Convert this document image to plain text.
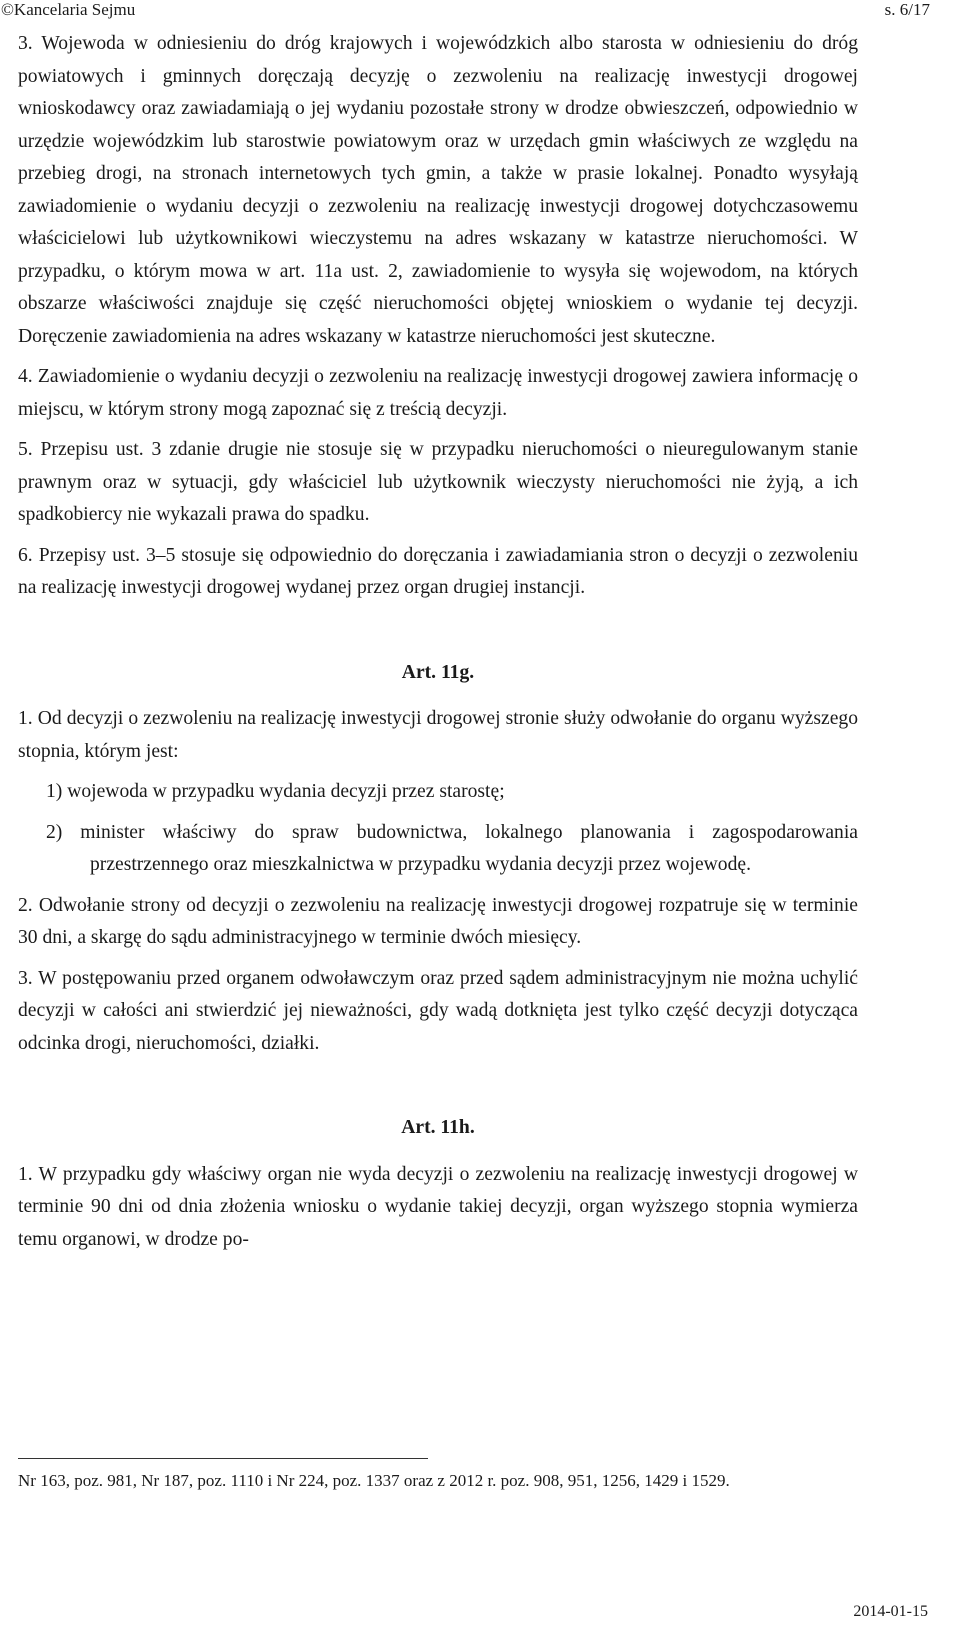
©Kancelaria Sejmu	s. 6/17

3. Wojewoda w odniesieniu do dróg krajowych i wojewódzkich albo starosta w odniesieniu do dróg powiatowych i gminnych doręczają decyzję o zezwoleniu na realizację inwestycji drogowej wnioskodawcy oraz zawiadamiają o jej wydaniu pozostałe strony w drodze obwieszczeń, odpowiednio w urzędzie wojewódzkim lub starostwie powiatowym oraz w urzędach gmin właściwych ze względu na przebieg drogi, na stronach internetowych tych gmin, a także w prasie lokalnej. Ponadto wysyłają zawiadomienie o wydaniu decyzji o zezwoleniu na realizację inwestycji drogowej dotychczasowemu właścicielowi lub użytkownikowi wieczystemu na adres wskazany w katastrze nieruchomości. W przypadku, o którym mowa w art. 11a ust. 2, zawiadomienie to wysyła się wojewodom, na których obszarze właściwości znajduje się część nieruchomości objętej wnioskiem o wydanie tej decyzji. Doręczenie zawiadomienia na adres wskazany w katastrze nieruchomości jest skuteczne.

4. Zawiadomienie o wydaniu decyzji o zezwoleniu na realizację inwestycji drogowej zawiera informację o miejscu, w którym strony mogą zapoznać się z treścią decyzji.

5. Przepisu ust. 3 zdanie drugie nie stosuje się w przypadku nieruchomości o nieuregulowanym stanie prawnym oraz w sytuacji, gdy właściciel lub użytkownik wieczysty nieruchomości nie żyją, a ich spadkobiercy nie wykazali prawa do spadku.

6. Przepisy ust. 3–5 stosuje się odpowiednio do doręczania i zawiadamiania stron o decyzji o zezwoleniu na realizację inwestycji drogowej wydanej przez organ drugiej instancji.

Art. 11g.

1. Od decyzji o zezwoleniu na realizację inwestycji drogowej stronie służy odwołanie do organu wyższego stopnia, którym jest:

1) wojewoda w przypadku wydania decyzji przez starostę;

2) minister właściwy do spraw budownictwa, lokalnego planowania i zagospodarowania przestrzennego oraz mieszkalnictwa w przypadku wydania decyzji przez wojewodę.

2. Odwołanie strony od decyzji o zezwoleniu na realizację inwestycji drogowej rozpatruje się w terminie 30 dni, a skargę do sądu administracyjnego w terminie dwóch miesięcy.

3. W postępowaniu przed organem odwoławczym oraz przed sądem administracyjnym nie można uchylić decyzji w całości ani stwierdzić jej nieważności, gdy wadą dotknięta jest tylko część decyzji dotycząca odcinka drogi, nieruchomości, działki.

Art. 11h.

1. W przypadku gdy właściwy organ nie wyda decyzji o zezwoleniu na realizację inwestycji drogowej w terminie 90 dni od dnia złożenia wniosku o wydanie takiej decyzji, organ wyższego stopnia wymierza temu organowi, w drodze po-

Nr 163, poz. 981, Nr 187, poz. 1110 i Nr 224, poz. 1337 oraz z 2012 r. poz. 908, 951, 1256, 1429 i 1529.
2014-01-15
